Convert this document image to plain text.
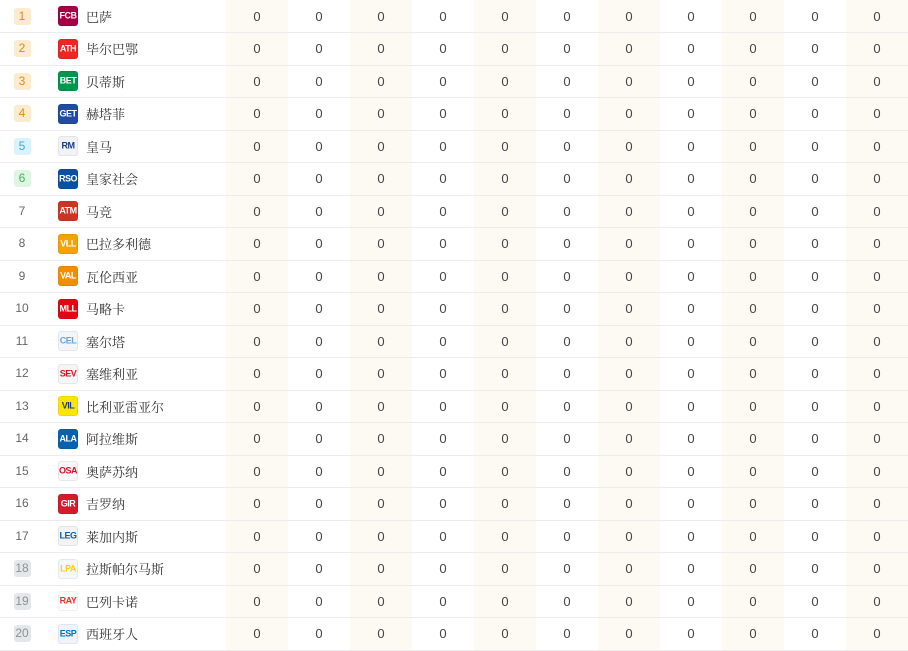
1	FCB 巴萨	0	0	0	0	0	0	0	0	0	0	0
2	ATH 毕尔巴鄂	0	0	0	0	0	0	0	0	0	0	0
3	BET 贝蒂斯	0	0	0	0	0	0	0	0	0	0	0
4	GET 赫塔菲	0	0	0	0	0	0	0	0	0	0	0
5	RM 皇马	0	0	0	0	0	0	0	0	0	0	0
6	RSO 皇家社会	0	0	0	0	0	0	0	0	0	0	0
7	ATM 马竞	0	0	0	0	0	0	0	0	0	0	0
8	VLL 巴拉多利德	0	0	0	0	0	0	0	0	0	0	0
9	VAL 瓦伦西亚	0	0	0	0	0	0	0	0	0	0	0
10	MLL 马略卡	0	0	0	0	0	0	0	0	0	0	0
11	CEL 塞尔塔	0	0	0	0	0	0	0	0	0	0	0
12	SEV 塞维利亚	0	0	0	0	0	0	0	0	0	0	0
13	VIL 比利亚雷亚尔	0	0	0	0	0	0	0	0	0	0	0
14	ALA 阿拉维斯	0	0	0	0	0	0	0	0	0	0	0
15	OSA 奥萨苏纳	0	0	0	0	0	0	0	0	0	0	0
16	GIR 吉罗纳	0	0	0	0	0	0	0	0	0	0	0
17	LEG 莱加内斯	0	0	0	0	0	0	0	0	0	0	0
18	LPA 拉斯帕尔马斯	0	0	0	0	0	0	0	0	0	0	0
19	RAY 巴列卡诺	0	0	0	0	0	0	0	0	0	0	0
20	ESP 西班牙人	0	0	0	0	0	0	0	0	0	0	0
